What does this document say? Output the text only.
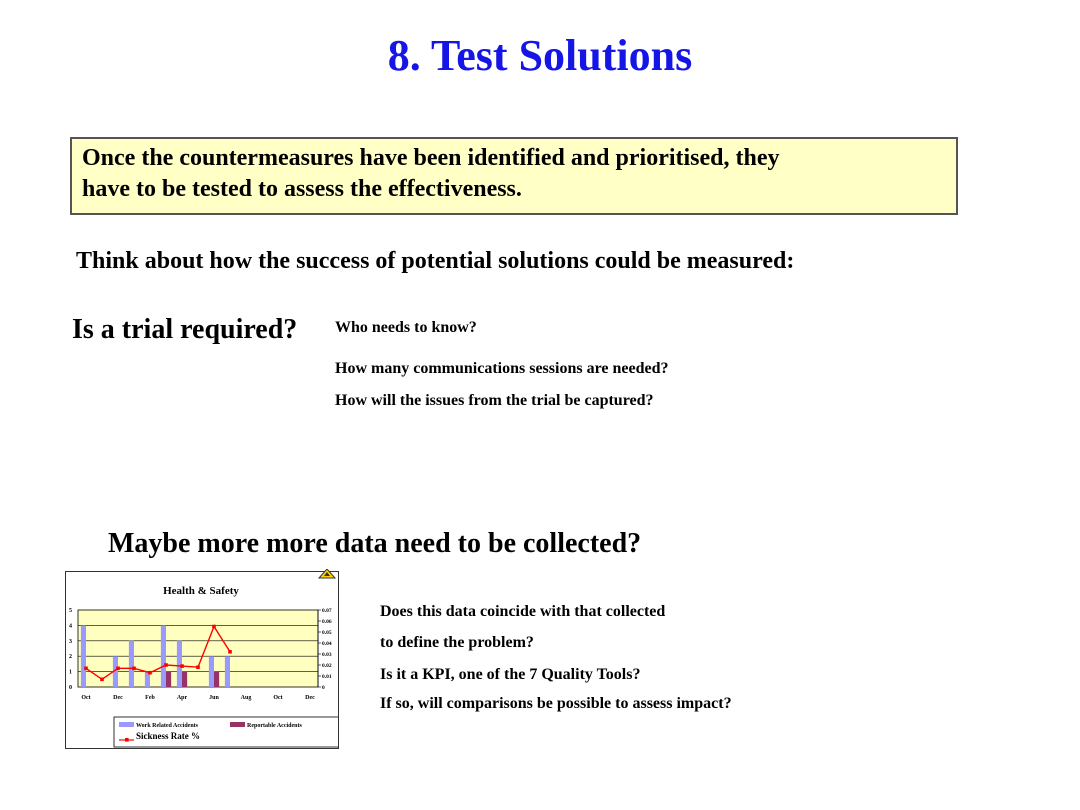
8. Test Solutions
Once the countermeasures have been identified and prioritised, they
have to be tested to assess the effectiveness.
Think about how the success of potential solutions could be measured:
Is a trial required? Who needs to know?
How many communications sessions are needed?
How will the issues from the trial be captured?
Maybe more more data need to be collected?
Health & Safety
0
1
2
3
4
5
0
0.01
0.02
0.03
0.04
0.05
0.06
0.07
Oct	Dec	Feb	Apr	Jun	Aug	Oct	Dec
Work Related Accidents	Reportable Accidents
Sickness Rate %
Does this data coincide with that collected
to define the problem?
Is it a KPI, one of the 7 Quality Tools?
If so, will comparisons be possible to assess impact?
